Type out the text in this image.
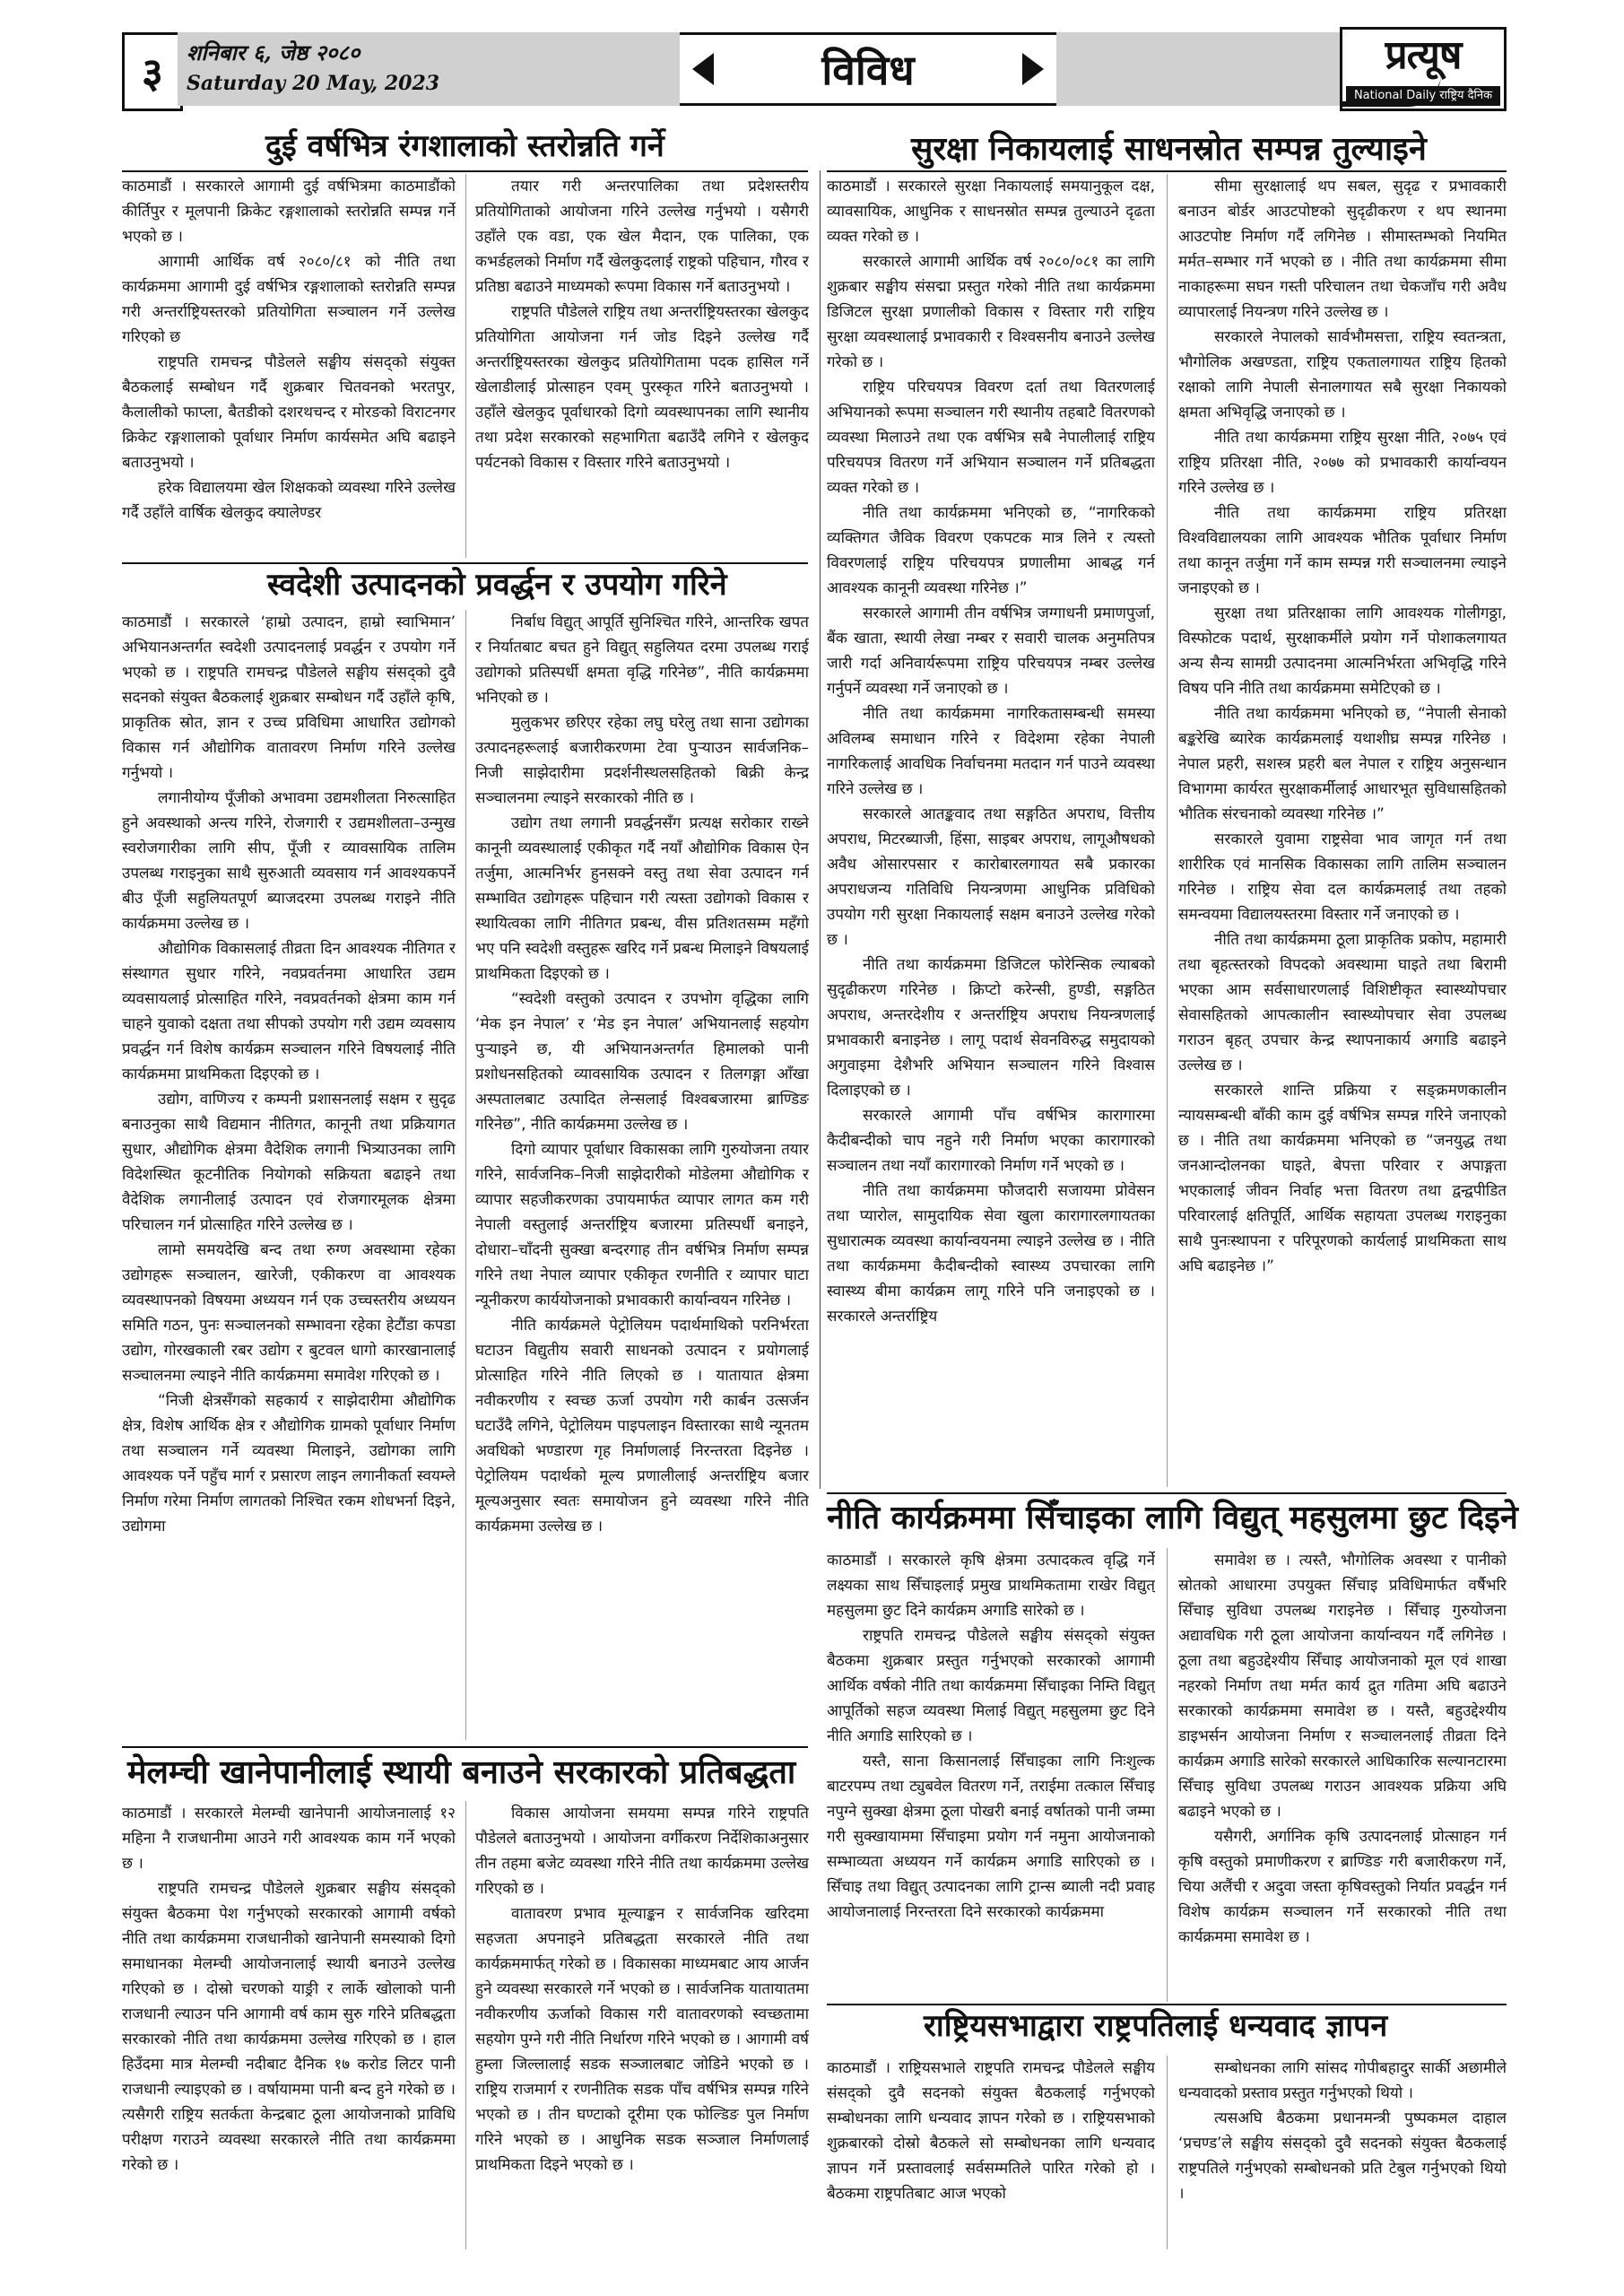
३	शनिबार ६, जेष्ठ २०८०
Saturday 20 May, 2023	विविध	प्रत्यूष
National Daily राष्ट्रिय दैनिक
दुई वर्षभित्र रंगशालाको स्तरोन्नति गर्ने

काठमाडौं । सरकारले आगामी दुई वर्षभित्रमा काठमाडौंको कीर्तिपुर र मूलपानी क्रिकेट रङ्गशालाको स्तरोन्नति सम्पन्न गर्ने भएको छ ।

आगामी आर्थिक वर्ष २०८०/८१ को नीति तथा कार्यक्रममा आगामी दुई वर्षभित्र रङ्गशालाको स्तरोन्नति सम्पन्न गरी अन्तर्राष्ट्रियस्तरको प्रतियोगिता सञ्चालन गर्ने उल्लेख गरिएको छ

राष्ट्रपति रामचन्द्र पौडेलले सङ्घीय संसद्को संयुक्त बैठकलाई सम्बोधन गर्दै शुक्रबार चितवनको भरतपुर, कैलालीको फाप्ला, बैतडीको दशरथचन्द र मोरङको विराटनगर क्रिकेट रङ्गशालाको पूर्वाधार निर्माण कार्यसमेत अघि बढाइने बताउनुभयो ।

हरेक विद्यालयमा खेल शिक्षकको व्यवस्था गरिने उल्लेख गर्दै उहाँले वार्षिक खेलकुद क्यालेण्डर

तयार गरी अन्तरपालिका तथा प्रदेशस्तरीय प्रतियोगिताको आयोजना गरिने उल्लेख गर्नुभयो । यसैगरी उहाँले एक वडा, एक खेल मैदान, एक पालिका, एक कभर्डहलको निर्माण गर्दै खेलकुदलाई राष्ट्रको पहिचान, गौरव र प्रतिष्ठा बढाउने माध्यमको रूपमा विकास गर्ने बताउनुभयो ।

राष्ट्रपति पौडेलले राष्ट्रिय तथा अन्तर्राष्ट्रियस्तरका खेलकुद प्रतियोगिता आयोजना गर्न जोड दिइने उल्लेख गर्दै अन्तर्राष्ट्रियस्तरका खेलकुद प्रतियोगितामा पदक हासिल गर्ने खेलाडीलाई प्रोत्साहन एवम् पुरस्कृत गरिने बताउनुभयो । उहाँले खेलकुद पूर्वाधारको दिगो व्यवस्थापनका लागि स्थानीय तथा प्रदेश सरकारको सहभागिता बढाउँदै लगिने र खेलकुद पर्यटनको विकास र विस्तार गरिने बताउनुभयो ।

स्वदेशी उत्पादनको प्रवर्द्धन र उपयोग गरिने

काठमाडौं । सरकारले ‘हाम्रो उत्पादन, हाम्रो स्वाभिमान’ अभियानअन्तर्गत स्वदेशी उत्पादनलाई प्रवर्द्धन र उपयोग गर्ने भएको छ । राष्ट्रपति रामचन्द्र पौडेलले सङ्घीय संसद्को दुवै सदनको संयुक्त बैठकलाई शुक्रबार सम्बोधन गर्दै उहाँले कृषि, प्राकृतिक स्रोत, ज्ञान र उच्च प्रविधिमा आधारित उद्योगको विकास गर्न औद्योगिक वातावरण निर्माण गरिने उल्लेख गर्नुभयो ।

लगानीयोग्य पूँजीको अभावमा उद्यमशीलता निरुत्साहित हुने अवस्थाको अन्त्य गरिने, रोजगारी र उद्यमशीलता–उन्मुख स्वरोजगारीका लागि सीप, पूँजी र व्यावसायिक तालिम उपलब्ध गराइनुका साथै सुरुआती व्यवसाय गर्न आवश्यकपर्ने बीउ पूँजी सहुलियतपूर्ण ब्याजदरमा उपलब्ध गराइने नीति कार्यक्रममा उल्लेख छ ।

औद्योगिक विकासलाई तीव्रता दिन आवश्यक नीतिगत र संस्थागत सुधार गरिने, नवप्रवर्तनमा आधारित उद्यम व्यवसायलाई प्रोत्साहित गरिने, नवप्रवर्तनको क्षेत्रमा काम गर्न चाहने युवाको दक्षता तथा सीपको उपयोग गरी उद्यम व्यवसाय प्रवर्द्धन गर्न विशेष कार्यक्रम सञ्चालन गरिने विषयलाई नीति कार्यक्रममा प्राथमिकता दिइएको छ ।

उद्योग, वाणिज्य र कम्पनी प्रशासनलाई सक्षम र सुदृढ बनाउनुका साथै विद्यमान नीतिगत, कानूनी तथा प्रक्रियागत सुधार, औद्योगिक क्षेत्रमा वैदेशिक लगानी भित्र्याउनका लागि विदेशस्थित कूटनीतिक नियोगको सक्रियता बढाइने तथा वैदेशिक लगानीलाई उत्पादन एवं रोजगारमूलक क्षेत्रमा परिचालन गर्न प्रोत्साहित गरिने उल्लेख छ ।

लामो समयदेखि बन्द तथा रुग्ण अवस्थामा रहेका उद्योगहरू सञ्चालन, खारेजी, एकीकरण वा आवश्यक व्यवस्थापनको विषयमा अध्ययन गर्न एक उच्चस्तरीय अध्ययन समिति गठन, पुनः सञ्चालनको सम्भावना रहेका हेटौंडा कपडा उद्योग, गोरखकाली रबर उद्योग र बुटवल धागो कारखानालाई सञ्चालनमा ल्याइने नीति कार्यक्रममा समावेश गरिएको छ ।

“निजी क्षेत्रसँगको सहकार्य र साझेदारीमा औद्योगिक क्षेत्र, विशेष आर्थिक क्षेत्र र औद्योगिक ग्रामको पूर्वाधार निर्माण तथा सञ्चालन गर्ने व्यवस्था मिलाइने, उद्योगका लागि आवश्यक पर्ने पहुँच मार्ग र प्रसारण लाइन लगानीकर्ता स्वयम्ले निर्माण गरेमा निर्माण लागतको निश्चित रकम शोधभर्ना दिइने, उद्योगमा

निर्बाध विद्युत् आपूर्ति सुनिश्चित गरिने, आन्तरिक खपत र निर्यातबाट बचत हुने विद्युत् सहुलियत दरमा उपलब्ध गराई उद्योगको प्रतिस्पर्धी क्षमता वृद्धि गरिनेछ”, नीति कार्यक्रममा भनिएको छ ।

मुलुकभर छरिएर रहेका लघु घरेलु तथा साना उद्योगका उत्पादनहरूलाई बजारीकरणमा टेवा पुर्‍याउन सार्वजनिक–निजी साझेदारीमा प्रदर्शनीस्थलसहितको बिक्री केन्द्र सञ्चालनमा ल्याइने सरकारको नीति छ ।

उद्योग तथा लगानी प्रवर्द्धनसँग प्रत्यक्ष सरोकार राख्ने कानूनी व्यवस्थालाई एकीकृत गर्दै नयाँ औद्योगिक विकास ऐन तर्जुमा, आत्मनिर्भर हुनसक्ने वस्तु तथा सेवा उत्पादन गर्न सम्भावित उद्योगहरू पहिचान गरी त्यस्ता उद्योगको विकास र स्थायित्वका लागि नीतिगत प्रबन्ध, वीस प्रतिशतसम्म महँगो भए पनि स्वदेशी वस्तुहरू खरिद गर्ने प्रबन्ध मिलाइने विषयलाई प्राथमिकता दिइएको छ ।

“स्वदेशी वस्तुको उत्पादन र उपभोग वृद्धिका लागि ‘मेक इन नेपाल’ र ‘मेड इन नेपाल’ अभियानलाई सहयोग पुर्‍याइने छ, यी अभियानअन्तर्गत हिमालको पानी प्रशोधनसहितको व्यावसायिक उत्पादन र तिलगङ्गा आँखा अस्पतालबाट उत्पादित लेन्सलाई विश्वबजारमा ब्राण्डिङ गरिनेछ”, नीति कार्यक्रममा उल्लेख छ ।

दिगो व्यापार पूर्वाधार विकासका लागि गुरुयोजना तयार गरिने, सार्वजनिक–निजी साझेदारीको मोडेलमा औद्योगिक र व्यापार सहजीकरणका उपायमार्फत व्यापार लागत कम गरी नेपाली वस्तुलाई अन्तर्राष्ट्रिय बजारमा प्रतिस्पर्धी बनाइने, दोधारा–चाँदनी सुक्खा बन्दरगाह तीन वर्षभित्र निर्माण सम्पन्न गरिने तथा नेपाल व्यापार एकीकृत रणनीति र व्यापार घाटा न्यूनीकरण कार्ययोजनाको प्रभावकारी कार्यान्वयन गरिनेछ ।

नीति कार्यक्रमले पेट्रोलियम पदार्थमाथिको परनिर्भरता घटाउन विद्युतीय सवारी साधनको उत्पादन र प्रयोगलाई प्रोत्साहित गरिने नीति लिएको छ । यातायात क्षेत्रमा नवीकरणीय र स्वच्छ ऊर्जा उपयोग गरी कार्बन उत्सर्जन घटाउँदै लगिने, पेट्रोलियम पाइपलाइन विस्तारका साथै न्यूनतम अवधिको भण्डारण गृह निर्माणलाई निरन्तरता दिइनेछ । पेट्रोलियम पदार्थको मूल्य प्रणालीलाई अन्तर्राष्ट्रिय बजार मूल्यअनुसार स्वतः समायोजन हुने व्यवस्था गरिने नीति कार्यक्रममा उल्लेख छ ।

मेलम्ची खानेपानीलाई स्थायी बनाउने सरकारको प्रतिबद्धता

काठमाडौं । सरकारले मेलम्ची खानेपानी आयोजनालाई १२ महिना नै राजधानीमा आउने गरी आवश्यक काम गर्ने भएको छ ।

राष्ट्रपति रामचन्द्र पौडेलले शुक्रबार सङ्घीय संसद्को संयुक्त बैठकमा पेश गर्नुभएको सरकारको आगामी वर्षको नीति तथा कार्यक्रममा राजधानीको खानेपानी समस्याको दिगो समाधानका मेलम्ची आयोजनालाई स्थायी बनाउने उल्लेख गरिएको छ । दोस्रो चरणको याङ्री र लार्के खोलाको पानी राजधानी ल्याउन पनि आगामी वर्ष काम सुरु गरिने प्रतिबद्धता सरकारको नीति तथा कार्यक्रममा उल्लेख गरिएको छ । हाल हिउँदमा मात्र मेलम्ची नदीबाट दैनिक १७ करोड लिटर पानी राजधानी ल्याइएको छ । वर्षायाममा पानी बन्द हुने गरेको छ । त्यसैगरी राष्ट्रिय सतर्कता केन्द्रबाट ठूला आयोजनाको प्राविधि परीक्षण गराउने व्यवस्था सरकारले नीति तथा कार्यक्रममा गरेको छ ।

विकास आयोजना समयमा सम्पन्न गरिने राष्ट्रपति पौडेलले बताउनुभयो । आयोजना वर्गीकरण निर्देशिकाअनुसार तीन तहमा बजेट व्यवस्था गरिने नीति तथा कार्यक्रममा उल्लेख गरिएको छ ।

वातावरण प्रभाव मूल्याङ्कन र सार्वजनिक खरिदमा सहजता अपनाइने प्रतिबद्धता सरकारले नीति तथा कार्यक्रममार्फत् गरेको छ । विकासका माध्यमबाट आय आर्जन हुने व्यवस्था सरकारले गर्ने भएको छ । सार्वजनिक यातायातमा नवीकरणीय ऊर्जाको विकास गरी वातावरणको स्वच्छतामा सहयोग पुग्ने गरी नीति निर्धारण गरिने भएको छ । आगामी वर्ष हुम्ला जिल्लालाई सडक सञ्जालबाट जोडिने भएको छ । राष्ट्रिय राजमार्ग र रणनीतिक सडक पाँच वर्षभित्र सम्पन्न गरिने भएको छ । तीन घण्टाको दूरीमा एक फोल्डिङ पुल निर्माण गरिने भएको छ । आधुनिक सडक सञ्जाल निर्माणलाई प्राथमिकता दिइने भएको छ ।

सुरक्षा निकायलाई साधनस्रोत सम्पन्न तुल्याइने

काठमाडौं । सरकारले सुरक्षा निकायलाई समयानुकूल दक्ष, व्यावसायिक, आधुनिक र साधनस्रोत सम्पन्न तुल्याउने दृढता व्यक्त गरेको छ ।

सरकारले आगामी आर्थिक वर्ष २०८०/०८१ का लागि शुक्रबार सङ्घीय संसद्मा प्रस्तुत गरेको नीति तथा कार्यक्रममा डिजिटल सुरक्षा प्रणालीको विकास र विस्तार गरी राष्ट्रिय सुरक्षा व्यवस्थालाई प्रभावकारी र विश्वसनीय बनाउने उल्लेख गरेको छ ।

राष्ट्रिय परिचयपत्र विवरण दर्ता तथा वितरणलाई अभियानको रूपमा सञ्चालन गरी स्थानीय तहबाटै वितरणको व्यवस्था मिलाउने तथा एक वर्षभित्र सबै नेपालीलाई राष्ट्रिय परिचयपत्र वितरण गर्ने अभियान सञ्चालन गर्ने प्रतिबद्धता व्यक्त गरेको छ ।

नीति तथा कार्यक्रममा भनिएको छ, “नागरिकको व्यक्तिगत जैविक विवरण एकपटक मात्र लिने र त्यस्तो विवरणलाई राष्ट्रिय परिचयपत्र प्रणालीमा आबद्ध गर्न आवश्यक कानूनी व्यवस्था गरिनेछ ।”

सरकारले आगामी तीन वर्षभित्र जग्गाधनी प्रमाणपुर्जा, बैंक खाता, स्थायी लेखा नम्बर र सवारी चालक अनुमतिपत्र जारी गर्दा अनिवार्यरूपमा राष्ट्रिय परिचयपत्र नम्बर उल्लेख गर्नुपर्ने व्यवस्था गर्ने जनाएको छ ।

नीति तथा कार्यक्रममा नागरिकतासम्बन्धी समस्या अविलम्ब समाधान गरिने र विदेशमा रहेका नेपाली नागरिकलाई आवधिक निर्वाचनमा मतदान गर्न पाउने व्यवस्था गरिने उल्लेख छ ।

सरकारले आतङ्कवाद तथा सङ्गठित अपराध, वित्तीय अपराध, मिटरब्याजी, हिंसा, साइबर अपराध, लागूऔषधको अवैध ओसारपसार र कारोबारलगायत सबै प्रकारका अपराधजन्य गतिविधि नियन्त्रणमा आधुनिक प्रविधिको उपयोग गरी सुरक्षा निकायलाई सक्षम बनाउने उल्लेख गरेको छ ।

नीति तथा कार्यक्रममा डिजिटल फोरेन्सिक ल्याबको सुदृढीकरण गरिनेछ । क्रिप्टो करेन्सी, हुण्डी, सङ्गठित अपराध, अन्तरदेशीय र अन्तर्राष्ट्रिय अपराध नियन्त्रणलाई प्रभावकारी बनाइनेछ । लागू पदार्थ सेवनविरुद्ध समुदायको अगुवाइमा देशैभरि अभियान सञ्चालन गरिने विश्वास दिलाइएको छ ।

सरकारले आगामी पाँच वर्षभित्र कारागारमा कैदीबन्दीको चाप नहुने गरी निर्माण भएका कारागारको सञ्चालन तथा नयाँ कारागारको निर्माण गर्ने भएको छ ।

नीति तथा कार्यक्रममा फौजदारी सजायमा प्रोवेसन तथा प्यारोल, सामुदायिक सेवा खुला कारागारलगायतका सुधारात्मक व्यवस्था कार्यान्वयनमा ल्याइने उल्लेख छ । नीति तथा कार्यक्रममा कैदीबन्दीको स्वास्थ्य उपचारका लागि स्वास्थ्य बीमा कार्यक्रम लागू गरिने पनि जनाइएको छ । सरकारले अन्तर्राष्ट्रिय

सीमा सुरक्षालाई थप सबल, सुदृढ र प्रभावकारी बनाउन बोर्डर आउटपोष्टको सुदृढीकरण र थप स्थानमा आउटपोष्ट निर्माण गर्दै लगिनेछ । सीमास्तम्भको नियमित मर्मत–सम्भार गर्ने भएको छ । नीति तथा कार्यक्रममा सीमा नाकाहरूमा सघन गस्ती परिचालन तथा चेकजाँच गरी अवैध व्यापारलाई नियन्त्रण गरिने उल्लेख छ ।

सरकारले नेपालको सार्वभौमसत्ता, राष्ट्रिय स्वतन्त्रता, भौगोलिक अखण्डता, राष्ट्रिय एकतालगायत राष्ट्रिय हितको रक्षाको लागि नेपाली सेनालगायत सबै सुरक्षा निकायको क्षमता अभिवृद्धि जनाएको छ ।

नीति तथा कार्यक्रममा राष्ट्रिय सुरक्षा नीति, २०७५ एवं राष्ट्रिय प्रतिरक्षा नीति, २०७७ को प्रभावकारी कार्यान्वयन गरिने उल्लेख छ ।

नीति तथा कार्यक्रममा राष्ट्रिय प्रतिरक्षा विश्वविद्यालयका लागि आवश्यक भौतिक पूर्वाधार निर्माण तथा कानून तर्जुमा गर्ने काम सम्पन्न गरी सञ्चालनमा ल्याइने जनाइएको छ ।

सुरक्षा तथा प्रतिरक्षाका लागि आवश्यक गोलीगठ्ठा, विस्फोटक पदार्थ, सुरक्षाकर्मीले प्रयोग गर्ने पोशाकलगायत अन्य सैन्य सामग्री उत्पादनमा आत्मनिर्भरता अभिवृद्धि गरिने विषय पनि नीति तथा कार्यक्रममा समेटिएको छ ।

नीति तथा कार्यक्रममा भनिएको छ, “नेपाली सेनाको बङ्करेखि ब्यारेक कार्यक्रमलाई यथाशीघ्र सम्पन्न गरिनेछ । नेपाल प्रहरी, सशस्त्र प्रहरी बल नेपाल र राष्ट्रिय अनुसन्धान विभागमा कार्यरत सुरक्षाकर्मीलाई आधारभूत सुविधासहितको भौतिक संरचनाको व्यवस्था गरिनेछ ।”

सरकारले युवामा राष्ट्रसेवा भाव जागृत गर्न तथा शारीरिक एवं मानसिक विकासका लागि तालिम सञ्चालन गरिनेछ । राष्ट्रिय सेवा दल कार्यक्रमलाई तथा तहको समन्वयमा विद्यालयस्तरमा विस्तार गर्ने जनाएको छ ।

नीति तथा कार्यक्रममा ठूला प्राकृतिक प्रकोप, महामारी तथा बृहत्स्तरको विपदको अवस्थामा घाइते तथा बिरामी भएका आम सर्वसाधारणलाई विशिष्टीकृत स्वास्थ्योपचार सेवासहितको आपत्कालीन स्वास्थ्योपचार सेवा उपलब्ध गराउन बृहत् उपचार केन्द्र स्थापनाकार्य अगाडि बढाइने उल्लेख छ ।

सरकारले शान्ति प्रक्रिया र सङ्क्रमणकालीन न्यायसम्बन्धी बाँकी काम दुई वर्षभित्र सम्पन्न गरिने जनाएको छ । नीति तथा कार्यक्रममा भनिएको छ “जनयुद्ध तथा जनआन्दोलनका घाइते, बेपत्ता परिवार र अपाङ्गता भएकालाई जीवन निर्वाह भत्ता वितरण तथा द्वन्द्वपीडित परिवारलाई क्षतिपूर्ति, आर्थिक सहायता उपलब्ध गराइनुका साथै पुनःस्थापना र परिपूरणको कार्यलाई प्राथमिकता साथ अघि बढाइनेछ ।”

नीति कार्यक्रममा सिँचाइका लागि विद्युत् महसुलमा छुट दिइने

काठमाडौं । सरकारले कृषि क्षेत्रमा उत्पादकत्व वृद्धि गर्ने लक्ष्यका साथ सिँचाइलाई प्रमुख प्राथमिकतामा राखेर विद्युत् महसुलमा छुट दिने कार्यक्रम अगाडि सारेको छ ।

राष्ट्रपति रामचन्द्र पौडेलले सङ्घीय संसद्को संयुक्त बैठकमा शुक्रबार प्रस्तुत गर्नुभएको सरकारको आगामी आर्थिक वर्षको नीति तथा कार्यक्रममा सिँचाइका निम्ति विद्युत् आपूर्तिको सहज व्यवस्था मिलाई विद्युत् महसुलमा छुट दिने नीति अगाडि सारिएको छ ।

यस्तै, साना किसानलाई सिँचाइका लागि निःशुल्क बाटरपम्प तथा ट्युबवेल वितरण गर्ने, तराईमा तत्काल सिँचाइ नपुग्ने सुक्खा क्षेत्रमा ठूला पोखरी बनाई वर्षातको पानी जम्मा गरी सुक्खायाममा सिँचाइमा प्रयोग गर्न नमुना आयोजनाको सम्भाव्यता अध्ययन गर्ने कार्यक्रम अगाडि सारिएको छ । सिँचाइ तथा विद्युत् उत्पादनका लागि ट्रान्स ब्याली नदी प्रवाह आयोजनालाई निरन्तरता दिने सरकारको कार्यक्रममा

समावेश छ । त्यस्तै, भौगोलिक अवस्था र पानीको स्रोतको आधारमा उपयुक्त सिँचाइ प्रविधिमार्फत वर्षैभरि सिँचाइ सुविधा उपलब्ध गराइनेछ । सिँचाइ गुरुयोजना अद्यावधिक गरी ठूला आयोजना कार्यान्वयन गर्दै लगिनेछ । ठूला तथा बहुउद्देश्यीय सिँचाइ आयोजनाको मूल एवं शाखा नहरको निर्माण तथा मर्मत कार्य द्रुत गतिमा अघि बढाउने सरकारको कार्यक्रममा समावेश छ । यस्तै, बहुउद्देश्यीय डाइभर्सन आयोजना निर्माण र सञ्चालनलाई तीव्रता दिने कार्यक्रम अगाडि सारेको सरकारले आधिकारिक सल्यानटारमा सिँचाइ सुविधा उपलब्ध गराउन आवश्यक प्रक्रिया अघि बढाइने भएको छ ।

यसैगरी, अर्गानिक कृषि उत्पादनलाई प्रोत्साहन गर्न कृषि वस्तुको प्रमाणीकरण र ब्राण्डिङ गरी बजारीकरण गर्ने, चिया अलैंची र अदुवा जस्ता कृषिवस्तुको निर्यात प्रवर्द्धन गर्न विशेष कार्यक्रम सञ्चालन गर्ने सरकारको नीति तथा कार्यक्रममा समावेश छ ।

राष्ट्रियसभाद्वारा राष्ट्रपतिलाई धन्यवाद ज्ञापन

काठमाडौं । राष्ट्रियसभाले राष्ट्रपति रामचन्द्र पौडेलले सङ्घीय संसद्को दुवै सदनको संयुक्त बैठकलाई गर्नुभएको सम्बोधनका लागि धन्यवाद ज्ञापन गरेको छ । राष्ट्रियसभाको शुक्रबारको दोस्रो बैठकले सो सम्बोधनका लागि धन्यवाद ज्ञापन गर्ने प्रस्तावलाई सर्वसम्मतिले पारित गरेको हो । बैठकमा राष्ट्रपतिबाट आज भएको

सम्बोधनका लागि सांसद गोपीबहादुर सार्की अछामीले धन्यवादको प्रस्ताव प्रस्तुत गर्नुभएको थियो ।

त्यसअघि बैठकमा प्रधानमन्त्री पुष्पकमल दाहाल ‘प्रचण्ड’ले सङ्घीय संसद्को दुवै सदनको संयुक्त बैठकलाई राष्ट्रपतिले गर्नुभएको सम्बोधनको प्रति टेबुल गर्नुभएको थियो ।
